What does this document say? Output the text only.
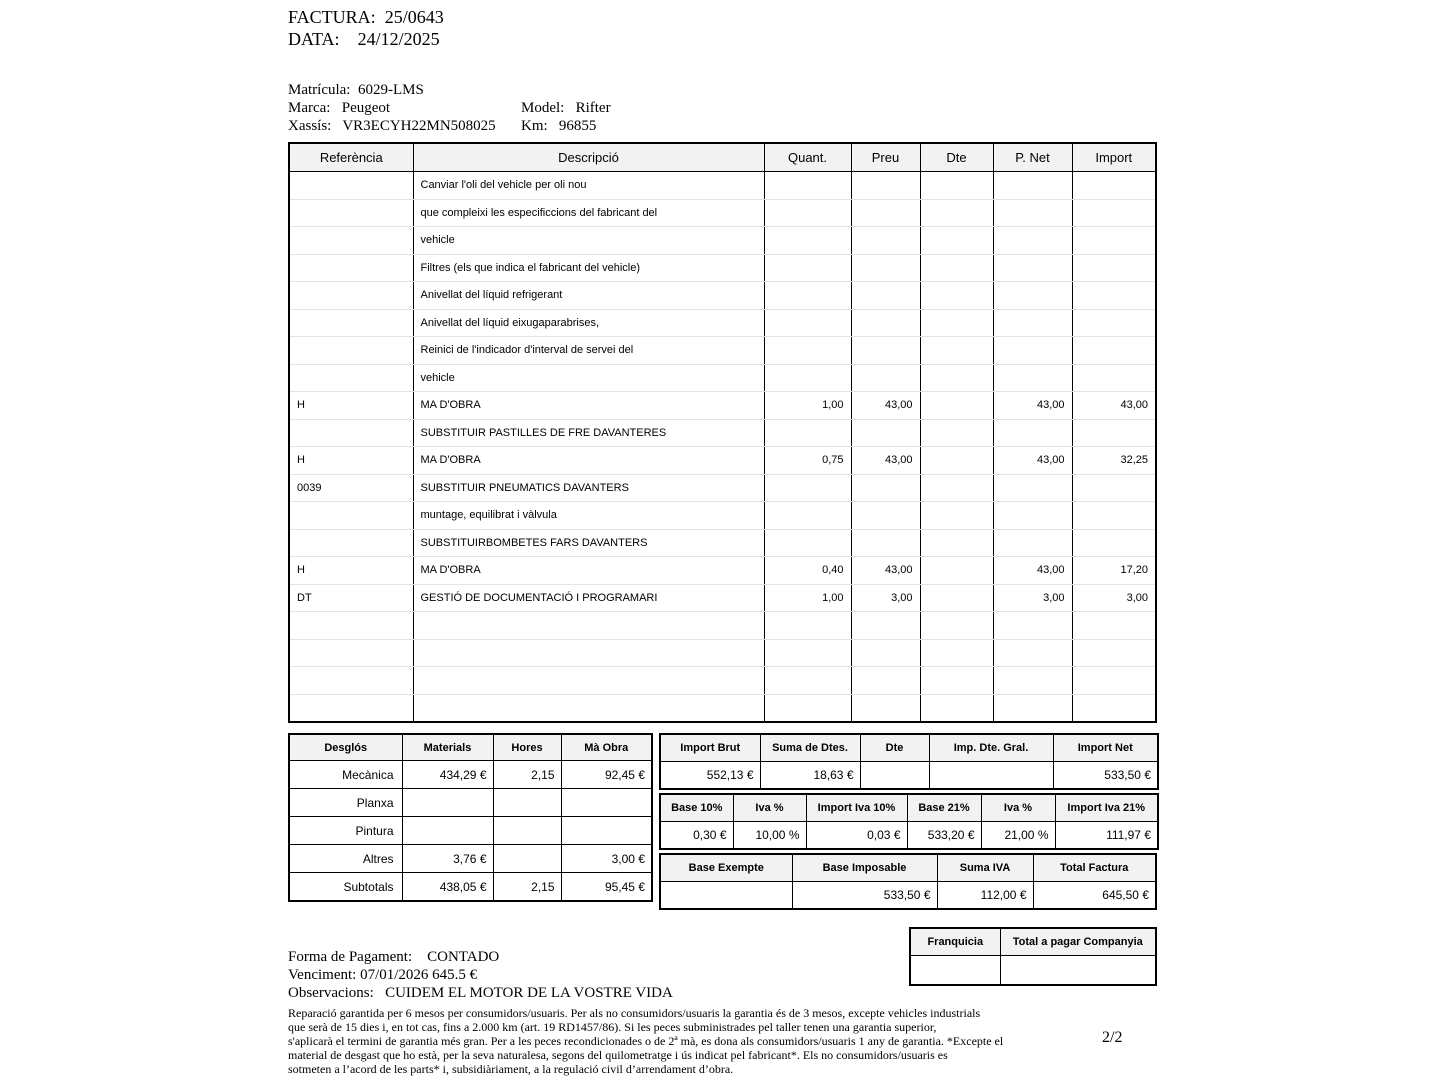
FACTURA: 25/0643
DATA: 24/12/2025
Matrícula: 6029-LMS
Marca: Peugeot	Model: Rifter
Xassís: VR3ECYH22MN508025 Km: 96855
Referència	Descripció	Quant.	Preu	Dte	P. Net	Import
	Canviar l'oli del vehicle per oli nou					
	que compleixi les especificcions del fabricant del					
	vehicle					
	Filtres (els que indica el fabricant del vehicle)					
	Anivellat del líquid refrigerant					
	Anivellat del líquid eixugaparabrises,					
	Reinici de l'indicador d'interval de servei del					
	vehicle					
H	MA D'OBRA	1,00	43,00		43,00	43,00
	SUBSTITUIR PASTILLES DE FRE DAVANTERES					
H	MA D'OBRA	0,75	43,00		43,00	32,25
0039	SUBSTITUIR PNEUMATICS DAVANTERS					
	muntage, equilibrat i vàlvula					
	SUBSTITUIRBOMBETES FARS DAVANTERS					
H	MA D'OBRA	0,40	43,00		43,00	17,20
DT	GESTIÓ DE DOCUMENTACIÓ I PROGRAMARI	1,00	3,00		3,00	3,00

Desglós	Materials	Hores	Mà Obra
Mecànica	434,29 €	2,15	92,45 €
Planxa			
Pintura			
Altres	3,76 €		3,00 €
Subtotals	438,05 €	2,15	95,45 €
Import Brut	Suma de Dtes.	Dte	Imp. Dte. Gral.	Import Net
552,13 €	18,63 €			533,50 €
Base 10%	Iva %	Import Iva 10%	Base 21%	Iva %	Import Iva 21%
0,30 €	10,00 %	0,03 €	533,20 €	21,00 %	111,97 €
Base Exempte	Base Imposable	Suma IVA	Total Factura
	533,50 €	112,00 €	645,50 €
Franquicia	Total a pagar Companyia

Forma de Pagament: CONTADO
Venciment: 07/01/2026 645.5 €
Observacions: CUIDEM EL MOTOR DE LA VOSTRE VIDA
Reparació garantida per 6 mesos per consumidors/usuaris. Per als no consumidors/usuaris la garantia és de 3 mesos, excepte vehicles industrials
que serà de 15 dies i, en tot cas, fins a 2.000 km (art. 19 RD1457/86). Si les peces subministrades pel taller tenen una garantia superior,
s'aplicarà el termini de garantia més gran. Per a les peces recondicionades o de 2ª mà, es dona als consumidors/usuaris 1 any de garantia. *Excepte el
material de desgast que ho està, per la seva naturalesa, segons del quilometratge i ús indicat pel fabricant*. Els no consumidors/usuaris es
sotmeten a l’acord de les parts* i, subsidiàriament, a la regulació civil d’arrendament d’obra.
2/2
